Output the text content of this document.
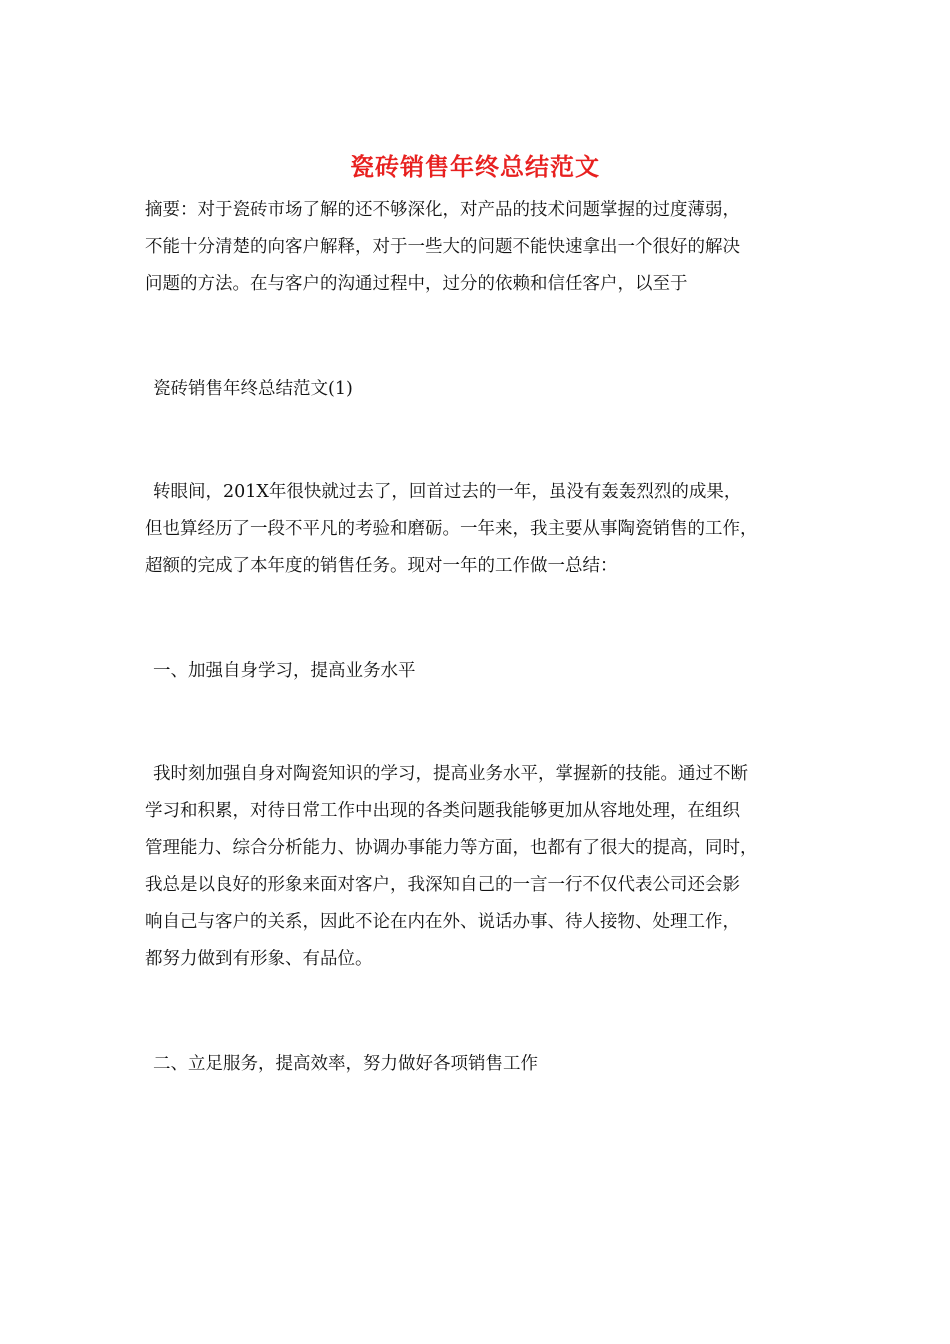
瓷砖销售年终总结范文

摘要：对于瓷砖市场了解的还不够深化，对产品的技术问题掌握的过度薄弱，
不能十分清楚的向客户解释，对于一些大的问题不能快速拿出一个很好的解决
问题的方法。在与客户的沟通过程中，过分的依赖和信任客户，以至于

瓷砖销售年终总结范文(1)

转眼间，201X年很快就过去了，回首过去的一年，虽没有轰轰烈烈的成果，
但也算经历了一段不平凡的考验和磨砺。一年来，我主要从事陶瓷销售的工作，
超额的完成了本年度的销售任务。现对一年的工作做一总结：

一、加强自身学习，提高业务水平

我时刻加强自身对陶瓷知识的学习，提高业务水平，掌握新的技能。通过不断
学习和积累，对待日常工作中出现的各类问题我能够更加从容地处理，在组织
管理能力、综合分析能力、协调办事能力等方面，也都有了很大的提高，同时，
我总是以良好的形象来面对客户，我深知自己的一言一行不仅代表公司还会影
响自己与客户的关系，因此不论在内在外、说话办事、待人接物、处理工作，
都努力做到有形象、有品位。

二、立足服务，提高效率，努力做好各项销售工作
